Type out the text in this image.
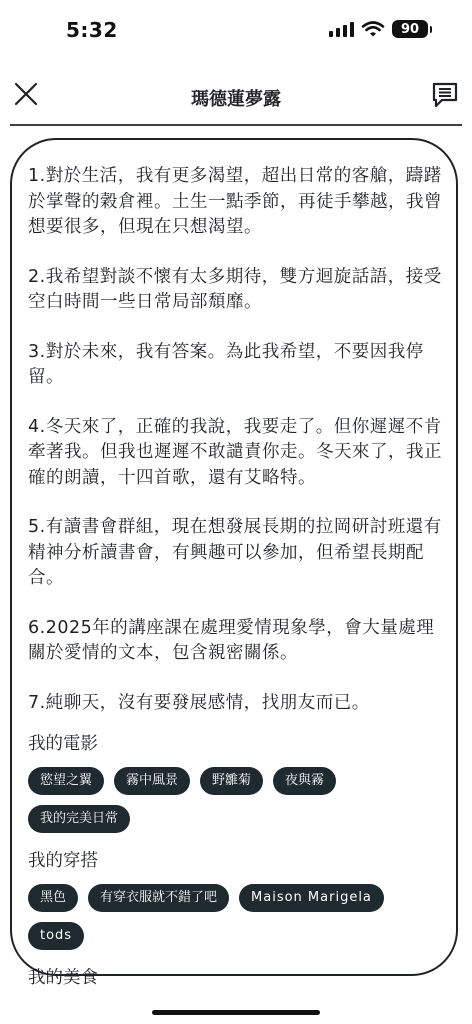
5:32	90
瑪德蓮夢露

1.對於生活，我有更多渴望，超出日常的客艙，躊躇於掌聲的穀倉裡。土生一點季節，再徒手攀越，我曾想要很多，但現在只想渴望。

2.我希望對談不懷有太多期待，雙方迴旋話語，接受空白時間一些日常局部頹靡。

3.對於未來，我有答案。為此我希望，不要因我停留。

4.冬天來了，正確的我說，我要走了。但你遲遲不肯牽著我。但我也遲遲不敢譴責你走。冬天來了，我正確的朗讀，十四首歌，還有艾略特。

5.有讀書會群組，現在想發展長期的拉岡研討班還有精神分析讀書會，有興趣可以參加，但希望長期配合。

6.2025年的講座課在處理愛情現象學，會大量處理關於愛情的文本，包含親密關係。

7.純聊天，沒有要發展感情，找朋友而已。

我的電影
慾望之翼	霧中風景	野雛菊	夜與霧
我的完美日常
我的穿搭
黑色	有穿衣服就不錯了吧	Maison Marigela
tods
我的美食
